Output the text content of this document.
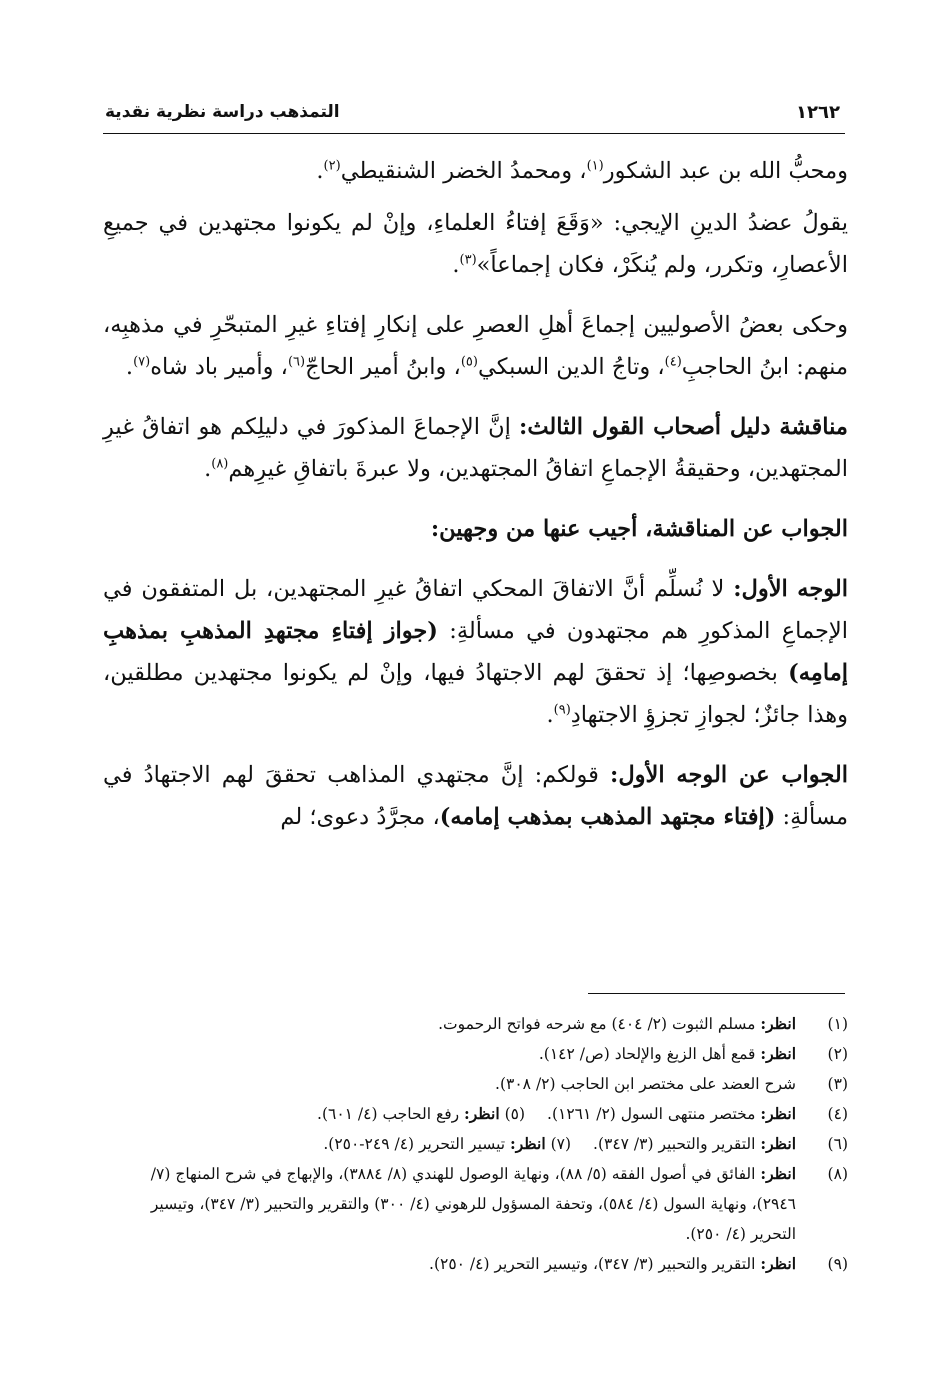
١٢٦٢
التمذهب دراسة نظرية نقدية

ومحبُّ الله بن عبد الشكور$^{(١)}$، ومحمدُ الخضر الشنقيطي$^{(٢)}$.

يقولُ عضدُ الدينِ الإيجي: «وَقَعَ إفتاءُ العلماءِ، وإنْ لم يكونوا مجتهدين في جميعِ الأعصارِ، وتكرر، ولم يُنكَرْ، فكان إجماعاً»$^{(٣)}$.

وحكى بعضُ الأصوليين إجماعَ أهلِ العصرِ على إنكارِ إفتاءِ غيرِ المتبحّرِ في مذهبِه، منهم: ابنُ الحاجبِ$^{(٤)}$، وتاجُ الدين السبكي$^{(٥)}$، وابنُ أمير الحاجّ$^{(٦)}$، وأمير باد شاه$^{(٧)}$.

مناقشة دليل أصحاب القول الثالث: إنَّ الإجماعَ المذكورَ في دليلِكم هو اتفاقُ غيرِ المجتهدين، وحقيقةُ الإجماعِ اتفاقُ المجتهدين، ولا عبرةَ باتفاقِ غيرِهم$^{(٨)}$.

الجواب عن المناقشة، أجيب عنها من وجهين:

الوجه الأول: لا نُسلِّم أنَّ الاتفاقَ المحكي اتفاقُ غيرِ المجتهدين، بل المتفقون في الإجماعِ المذكورِ هم مجتهدون في مسألةِ: (جواز إفتاءِ مجتهدِ المذهبِ بمذهبِ إمامِه) بخصوصِها؛ إذ تحققَ لهم الاجتهادُ فيها، وإنْ لم يكونوا مجتهدين مطلقين، وهذا جائزٌ؛ لجوازِ تجزؤِ الاجتهادِ$^{(٩)}$.

الجواب عن الوجه الأول: قولكم: إنَّ مجتهدي المذاهب تحققَ لهم الاجتهادُ في مسألةِ: (إفتاء مجتهد المذهب بمذهب إمامه)، مجرَّدُ دعوى؛ لم

(١)
انظر: مسلم الثبوت (٢/ ٤٠٤) مع شرحه فواتح الرحموت.

(٢)
انظر: قمع أهل الزيغ والإلحاد (ص/ ١٤٢).

(٣)
شرح العضد على مختصر ابن الحاجب (٢/ ٣٠٨).

(٤)
انظر: مختصر منتهى السول (٢/ ١٢٦١).(٥) انظر: رفع الحاجب (٤/ ٦٠١).

(٦)
انظر: التقرير والتحبير (٣/ ٣٤٧).(٧) انظر: تيسير التحرير (٤/ ٢٤٩-٢٥٠).

(٨)
انظر: الفائق في أصول الفقه (٥/ ٨٨)، ونهاية الوصول للهندي (٨/ ٣٨٨٤)، والإبهاج في شرح المنهاج (٧/ ٢٩٤٦)، ونهاية السول (٤/ ٥٨٤)، وتحفة المسؤول للرهوني (٤/ ٣٠٠) والتقرير والتحبير (٣/ ٣٤٧)، وتيسير التحرير (٤/ ٢٥٠).

(٩)
انظر: التقرير والتحبير (٣/ ٣٤٧)، وتيسير التحرير (٤/ ٢٥٠).
